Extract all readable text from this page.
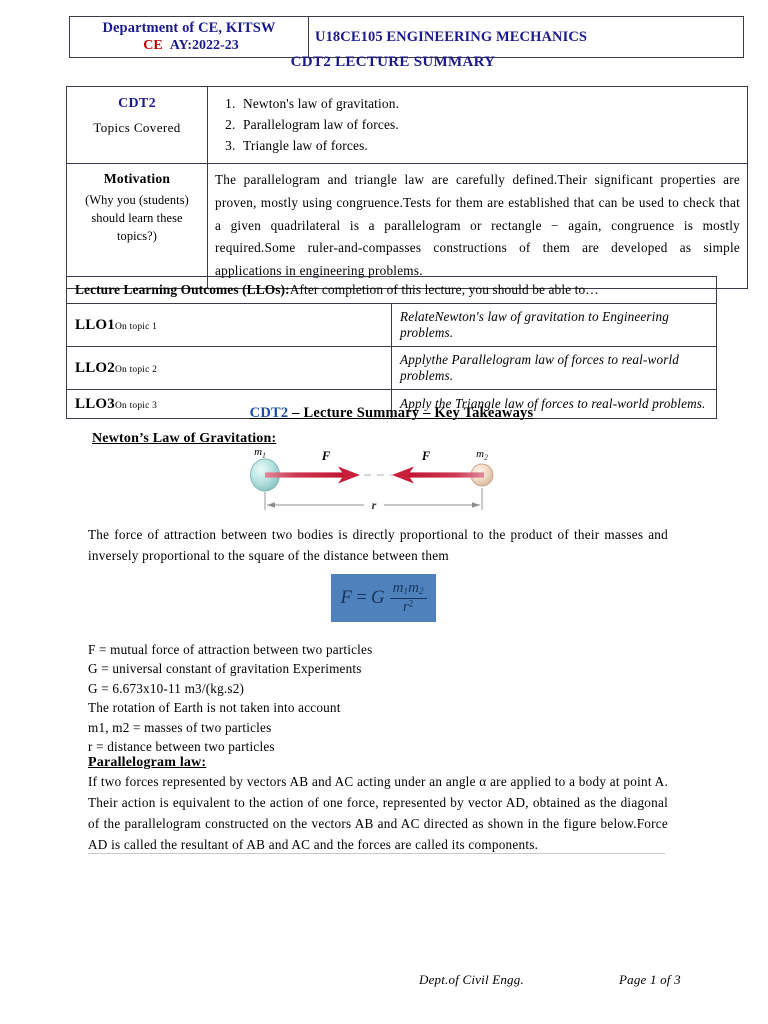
Department of CE, KITSW
CE AY:2022-23

U18CE105 ENGINEERING MECHANICS
CDT2 LECTURE SUMMARY
CDT2
Topics Covered

1. Newton's law of gravitation.
2. Parallelogram law of forces.
3. Triangle law of forces.

Motivation
(Why you (students) should learn these topics?)	The parallelogram and triangle law are carefully defined.Their significant properties are proven, mostly using congruence.Tests for them are established that can be used to check that a given quadrilateral is a parallelogram or rectangle − again, congruence is mostly required.Some ruler-and-compasses constructions of them are developed as simple applications in engineering problems.
Lecture Learning Outcomes (LLOs):After completion of this lecture, you should be able to…	
LLO1On topic 1	RelateNewton's law of gravitation to Engineering problems.
LLO2On topic 2	Applythe Parallelogram law of forces to real-world problems.
LLO3On topic 3	Apply the Triangle law of forces to real-world problems.
CDT2 – Lecture Summary – Key Takeaways
Newton’s Law of Gravitation:
$m_1$	$m_2$
F	F
r
The force of attraction between two bodies is directly proportional to the product of their masses and inversely proportional to the square of the distance between them
F = G $\frac{m_1m_2}{r^2}$
F = mutual force of attraction between two particles
G = universal constant of gravitation Experiments
G = 6.673x10-11 m3/(kg.s2)
The rotation of Earth is not taken into account
m1, m2 = masses of two particles
r = distance between two particles
Parallelogram law:
If two forces represented by vectors AB and AC acting under an angle α are applied to a body at point A. Their action is equivalent to the action of one force, represented by vector AD, obtained as the diagonal of the parallelogram constructed on the vectors AB and AC directed as shown in the figure below.Force AD is called the resultant of AB and AC and the forces are called its components.
Dept.of Civil Engg.	Page 1 of 3
